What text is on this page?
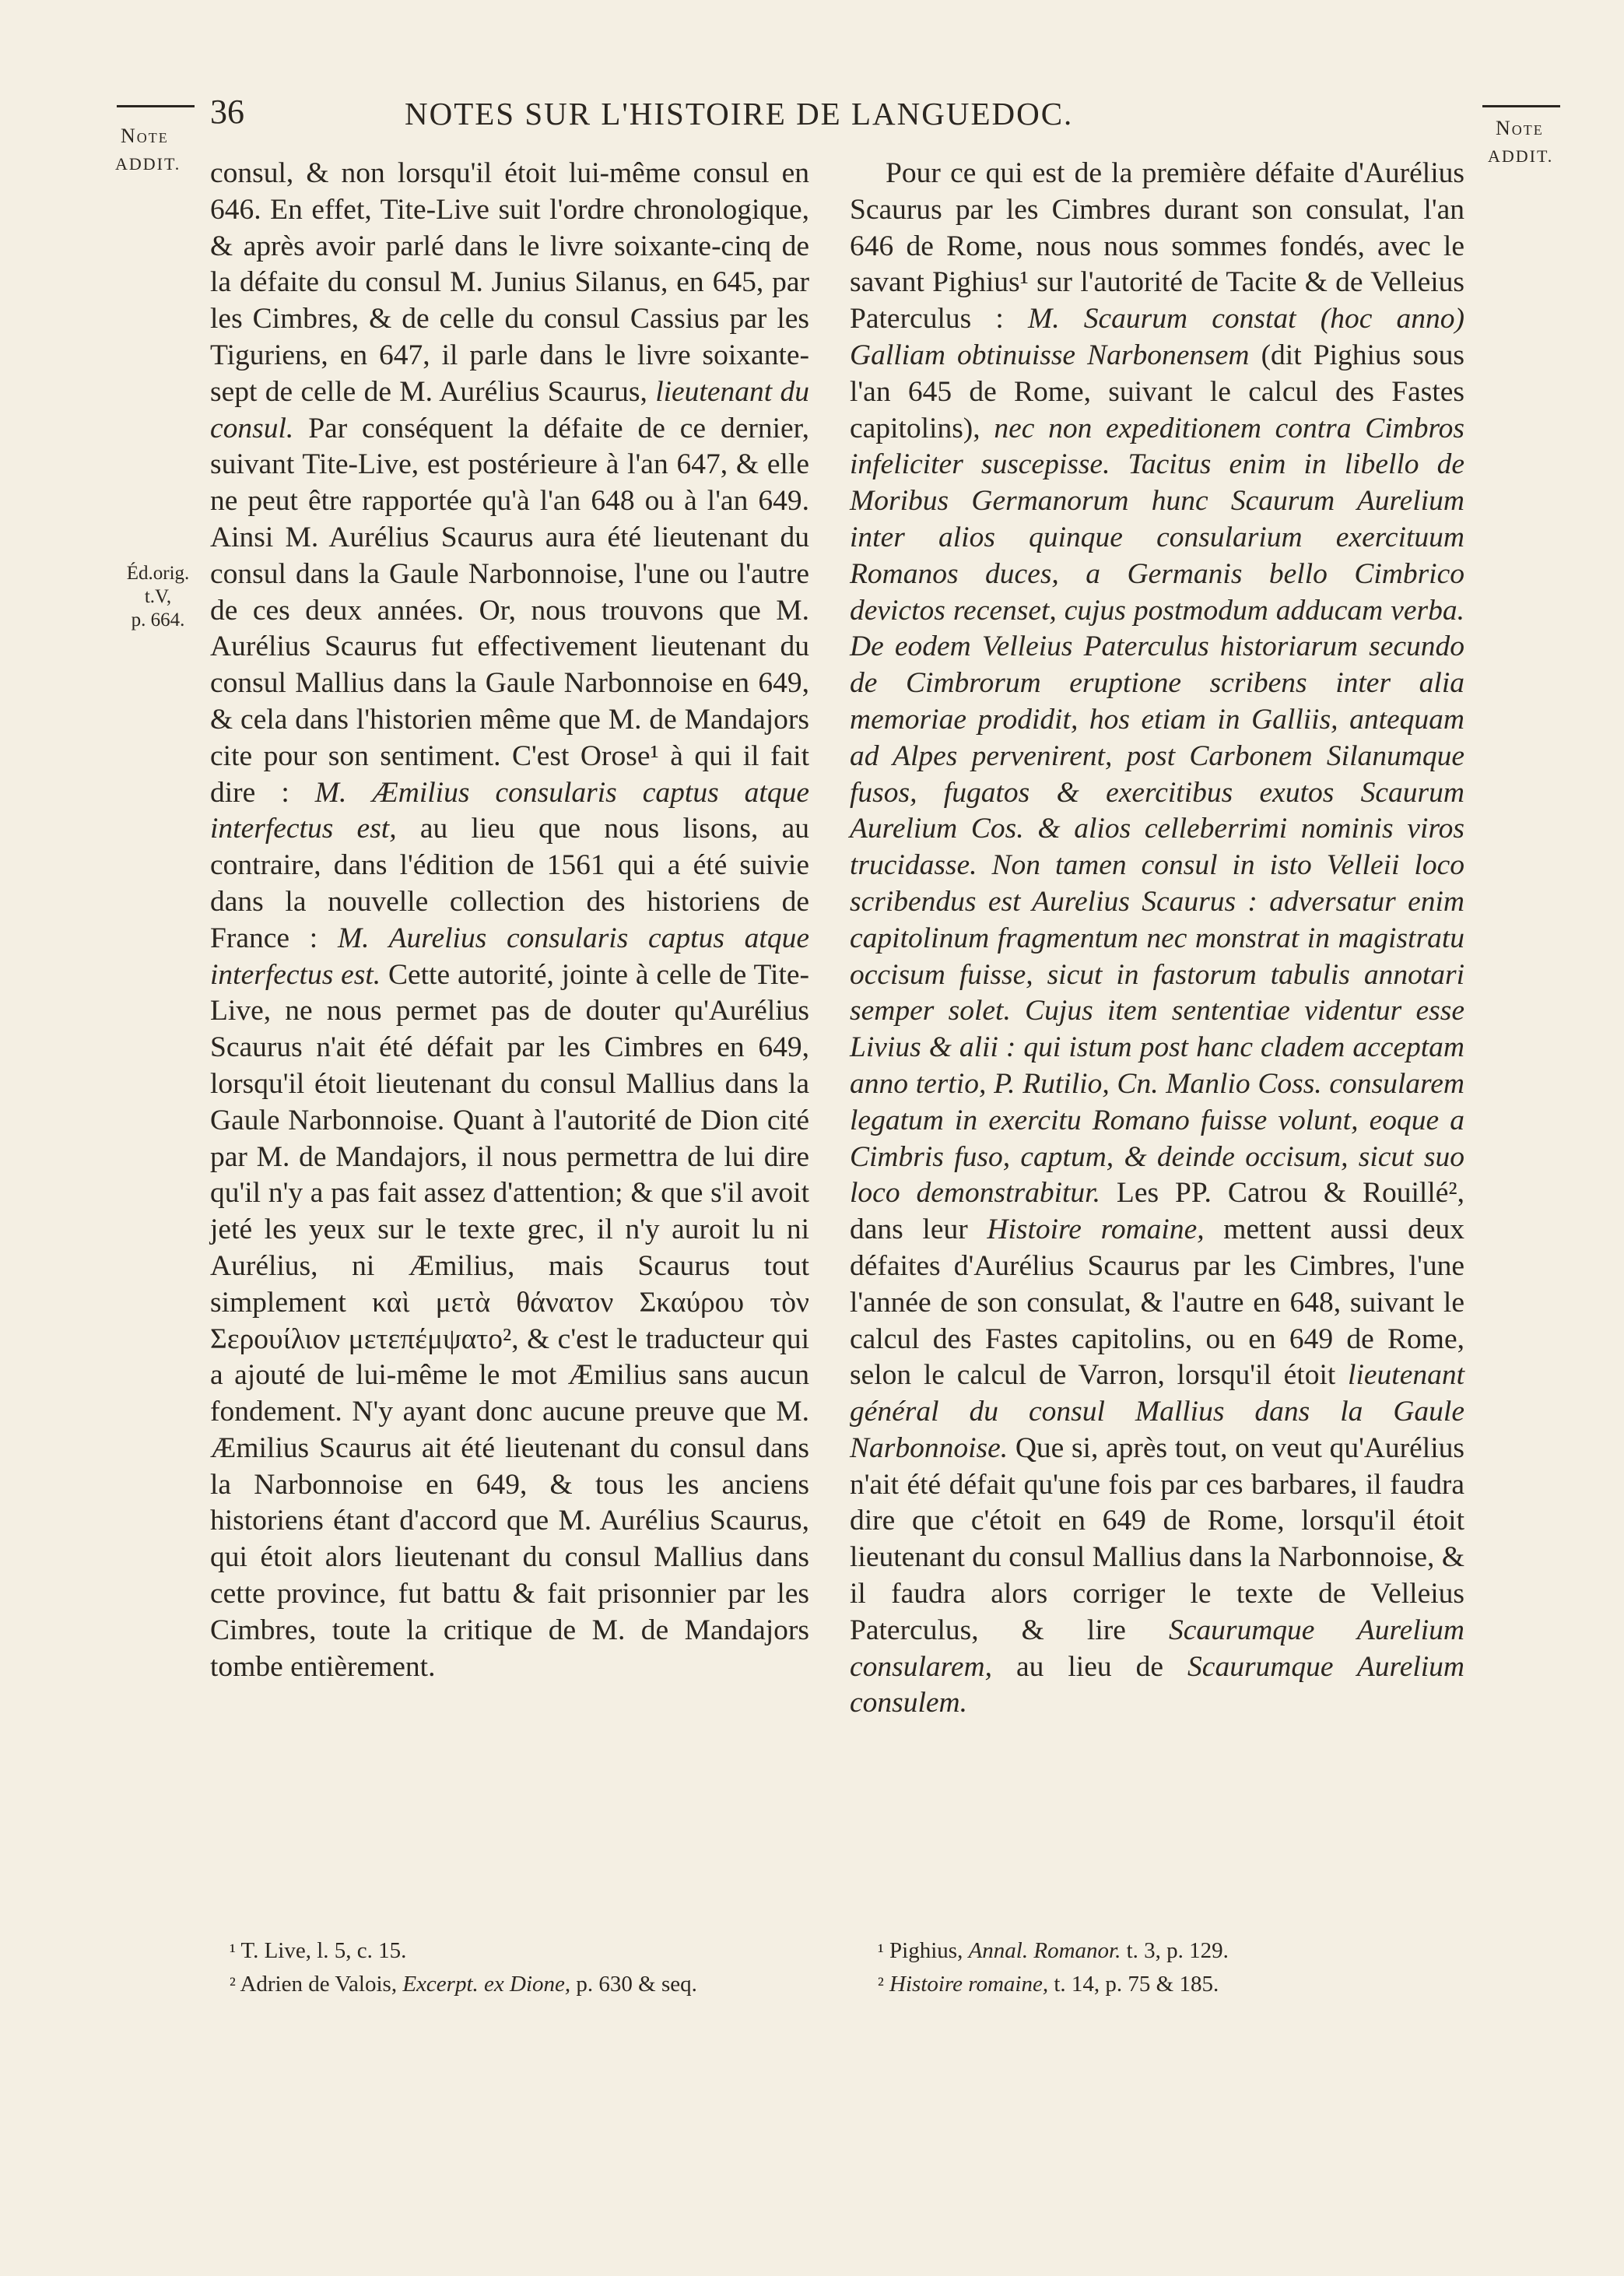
36	NOTES SUR L'HISTOIRE DE LANGUEDOC.
Note
ADDIT.
Note
ADDIT.
Éd.orig.
t.V,
p. 664.

consul, & non lorsqu'il étoit lui-même consul en 646. En effet, Tite-Live suit l'ordre chronologique, & après avoir parlé dans le livre soixante-cinq de la défaite du consul M. Junius Silanus, en 645, par les Cimbres, & de celle du consul Cassius par les Tiguriens, en 647, il parle dans le livre soixante-sept de celle de M. Aurélius Scaurus, lieutenant du consul. Par conséquent la défaite de ce dernier, suivant Tite-Live, est postérieure à l'an 647, & elle ne peut être rapportée qu'à l'an 648 ou à l'an 649. Ainsi M. Aurélius Scaurus aura été lieutenant du consul dans la Gaule Narbonnoise, l'une ou l'autre de ces deux années. Or, nous trouvons que M. Aurélius Scaurus fut effectivement lieutenant du consul Mallius dans la Gaule Narbonnoise en 649, & cela dans l'historien même que M. de Mandajors cite pour son sentiment. C'est Orose¹ à qui il fait dire : M. Æmilius consularis captus atque interfectus est, au lieu que nous lisons, au contraire, dans l'édition de 1561 qui a été suivie dans la nouvelle collection des historiens de France : M. Aurelius consularis captus atque interfectus est. Cette autorité, jointe à celle de Tite-Live, ne nous permet pas de douter qu'Aurélius Scaurus n'ait été défait par les Cimbres en 649, lorsqu'il étoit lieutenant du consul Mallius dans la Gaule Narbonnoise. Quant à l'autorité de Dion cité par M. de Mandajors, il nous permettra de lui dire qu'il n'y a pas fait assez d'attention; & que s'il avoit jeté les yeux sur le texte grec, il n'y auroit lu ni Aurélius, ni Æmilius, mais Scaurus tout simplement καὶ μετὰ θάνατον Σκαύρου τὸν Σερουίλιον μετεπέμψατο², & c'est le traducteur qui a ajouté de lui-même le mot Æmilius sans aucun fondement. N'y ayant donc aucune preuve que M. Æmilius Scaurus ait été lieutenant du consul dans la Narbonnoise en 649, & tous les anciens historiens étant d'accord que M. Aurélius Scaurus, qui étoit alors lieutenant du consul Mallius dans cette province, fut battu & fait prisonnier par les Cimbres, toute la critique de M. de Mandajors tombe entièrement.

Pour ce qui est de la première défaite d'Aurélius Scaurus par les Cimbres durant son consulat, l'an 646 de Rome, nous nous sommes fondés, avec le savant Pighius¹ sur l'autorité de Tacite & de Velleius Paterculus : M. Scaurum constat (hoc anno) Galliam obtinuisse Narbonensem (dit Pighius sous l'an 645 de Rome, suivant le calcul des Fastes capitolins), nec non expeditionem contra Cimbros infeliciter suscepisse. Tacitus enim in libello de Moribus Germanorum hunc Scaurum Aurelium inter alios quinque consularium exercituum Romanos duces, a Germanis bello Cimbrico devictos recenset, cujus postmodum adducam verba. De eodem Velleius Paterculus historiarum secundo de Cimbrorum eruptione scribens inter alia memoriae prodidit, hos etiam in Galliis, antequam ad Alpes pervenirent, post Carbonem Silanumque fusos, fugatos & exercitibus exutos Scaurum Aurelium Cos. & alios celleberrimi nominis viros trucidasse. Non tamen consul in isto Velleii loco scribendus est Aurelius Scaurus : adversatur enim capitolinum fragmentum nec monstrat in magistratu occisum fuisse, sicut in fastorum tabulis annotari semper solet. Cujus item sententiae videntur esse Livius & alii : qui istum post hanc cladem acceptam anno tertio, P. Rutilio, Cn. Manlio Coss. consularem legatum in exercitu Romano fuisse volunt, eoque a Cimbris fuso, captum, & deinde occisum, sicut suo loco demonstrabitur. Les PP. Catrou & Rouillé², dans leur Histoire romaine, mettent aussi deux défaites d'Aurélius Scaurus par les Cimbres, l'une l'année de son consulat, & l'autre en 648, suivant le calcul des Fastes capitolins, ou en 649 de Rome, selon le calcul de Varron, lorsqu'il étoit lieutenant général du consul Mallius dans la Gaule Narbonnoise. Que si, après tout, on veut qu'Aurélius n'ait été défait qu'une fois par ces barbares, il faudra dire que c'étoit en 649 de Rome, lorsqu'il étoit lieutenant du consul Mallius dans la Narbonnoise, & il faudra alors corriger le texte de Velleius Paterculus, & lire Scaurumque Aurelium consularem, au lieu de Scaurumque Aurelium consulem.

¹ T. Live, l. 5, c. 15.
² Adrien de Valois, Excerpt. ex Dione, p. 630 & seq.
¹ Pighius, Annal. Romanor. t. 3, p. 129.
² Histoire romaine, t. 14, p. 75 & 185.
